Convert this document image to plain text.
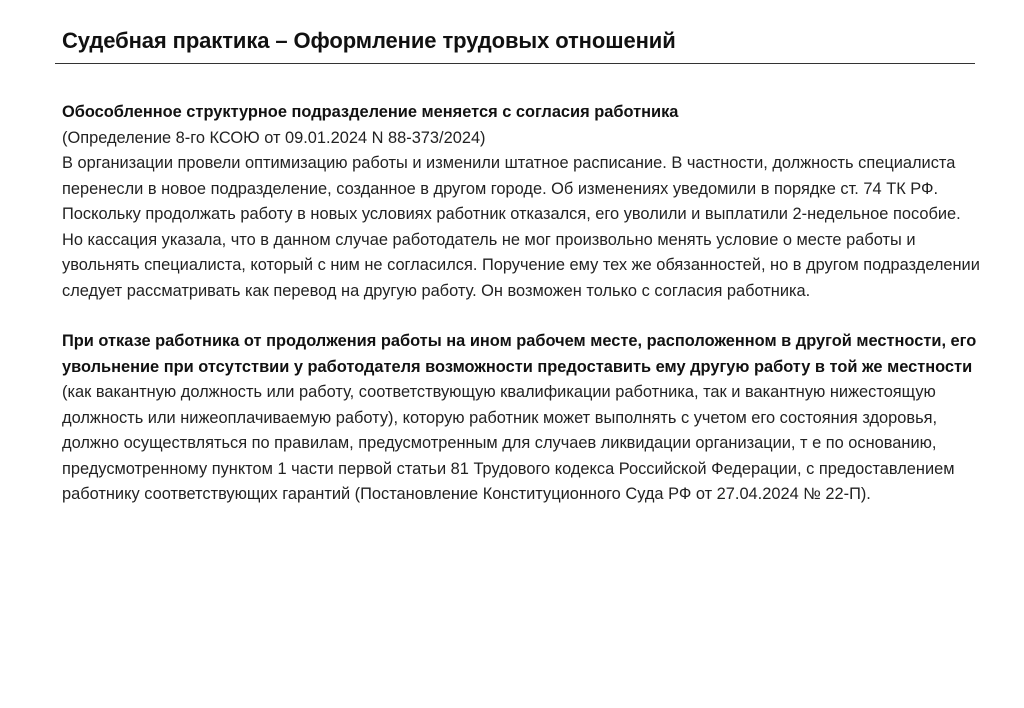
Судебная практика – Оформление трудовых отношений

Обособленное структурное подразделение меняется с согласия работника

(Определение 8-го КСОЮ от 09.01.2024 N 88-373/2024)

В организации провели оптимизацию работы и изменили штатное расписание. В частности, должность специалиста перенесли в новое подразделение, созданное в другом городе. Об изменениях уведомили в порядке ст. 74 ТК РФ. Поскольку продолжать работу в новых условиях работник отказался, его уволили и выплатили 2-недельное пособие. Но кассация указала, что в данном случае работодатель не мог произвольно менять условие о месте работы и увольнять специалиста, который с ним не согласился. Поручение ему тех же обязанностей, но в другом подразделении следует рассматривать как перевод на другую работу. Он возможен только с согласия работника.

При отказе работника от продолжения работы на ином рабочем месте, расположенном в другой местности, его увольнение при отсутствии у работодателя возможности предоставить ему другую работу в той же местности (как вакантную должность или работу, соответствующую квалификации работника, так и вакантную нижестоящую должность или нижеоплачиваемую работу), которую работник может выполнять с учетом его состояния здоровья, должно осуществляться по правилам, предусмотренным для случаев ликвидации организации, т е по основанию, предусмотренному пунктом 1 части первой статьи 81 Трудового кодекса Российской Федерации, с предоставлением работнику соответствующих гарантий (Постановление Конституционного Суда РФ от 27.04.2024 № 22-П).
